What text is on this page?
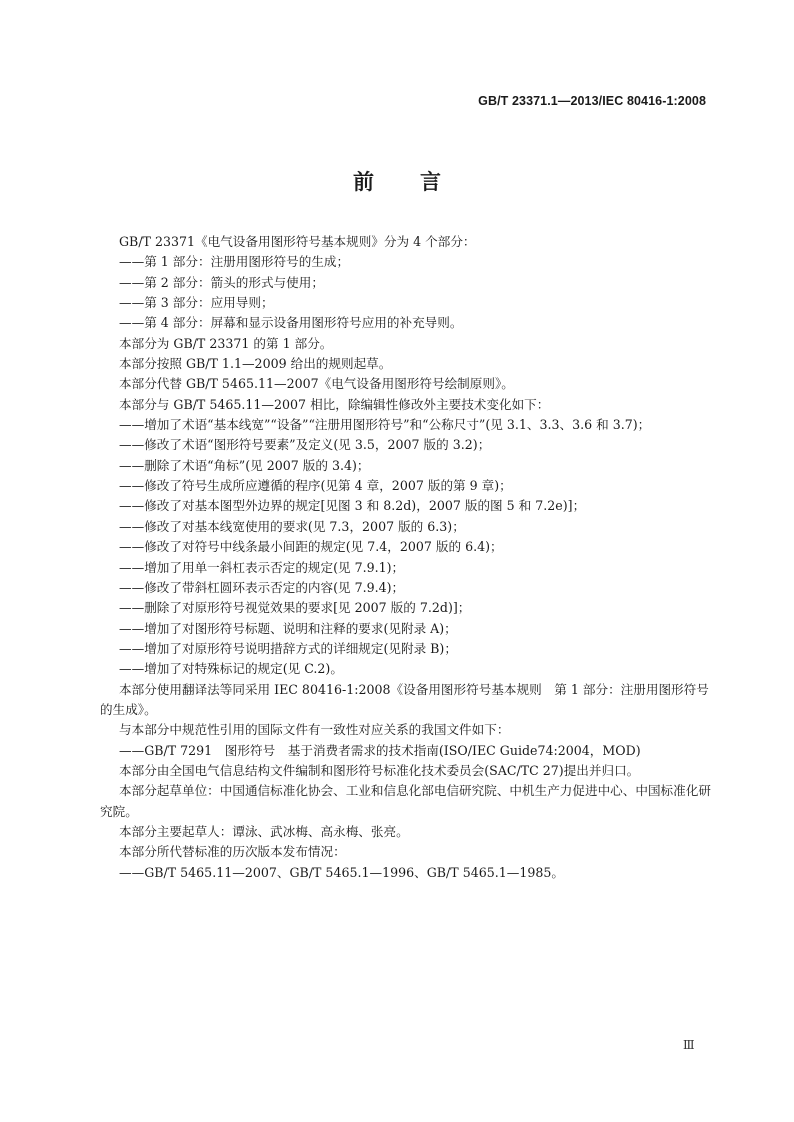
GB/T 23371.1—2013/IEC 80416-1:2008
前 言

GB/T 23371《电气设备用图形符号基本规则》分为 4 个部分：

——第 1 部分：注册用图形符号的生成；

——第 2 部分：箭头的形式与使用；

——第 3 部分：应用导则；

——第 4 部分：屏幕和显示设备用图形符号应用的补充导则。

本部分为 GB/T 23371 的第 1 部分。

本部分按照 GB/T 1.1—2009 给出的规则起草。

本部分代替 GB/T 5465.11—2007《电气设备用图形符号绘制原则》。

本部分与 GB/T 5465.11—2007 相比，除编辑性修改外主要技术变化如下：

——增加了术语“基本线宽”“设备”“注册用图形符号”和“公称尺寸”(见 3.1、3.3、3.6 和 3.7)；

——修改了术语“图形符号要素”及定义(见 3.5，2007 版的 3.2)；

——删除了术语“角标”(见 2007 版的 3.4)；

——修改了符号生成所应遵循的程序(见第 4 章，2007 版的第 9 章)；

——修改了对基本图型外边界的规定[见图 3 和 8.2d)，2007 版的图 5 和 7.2e)]；

——修改了对基本线宽使用的要求(见 7.3，2007 版的 6.3)；

——修改了对符号中线条最小间距的规定(见 7.4，2007 版的 6.4)；

——增加了用单一斜杠表示否定的规定(见 7.9.1)；

——修改了带斜杠圆环表示否定的内容(见 7.9.4)；

——删除了对原形符号视觉效果的要求[见 2007 版的 7.2d)]；

——增加了对图形符号标题、说明和注释的要求(见附录 A)；

——增加了对原形符号说明措辞方式的详细规定(见附录 B)；

——增加了对特殊标记的规定(见 C.2)。

本部分使用翻译法等同采用 IEC 80416-1:2008《设备用图形符号基本规则　第 1 部分：注册用图形符号的生成》。

与本部分中规范性引用的国际文件有一致性对应关系的我国文件如下：

——GB/T 7291　图形符号　基于消费者需求的技术指南(ISO/IEC Guide74:2004，MOD)

本部分由全国电气信息结构文件编制和图形符号标准化技术委员会(SAC/TC 27)提出并归口。

本部分起草单位：中国通信标准化协会、工业和信息化部电信研究院、中机生产力促进中心、中国标准化研究院。

本部分主要起草人：谭泳、武冰梅、高永梅、张亮。

本部分所代替标准的历次版本发布情况：

——GB/T 5465.11—2007、GB/T 5465.1—1996、GB/T 5465.1—1985。

Ⅲ
